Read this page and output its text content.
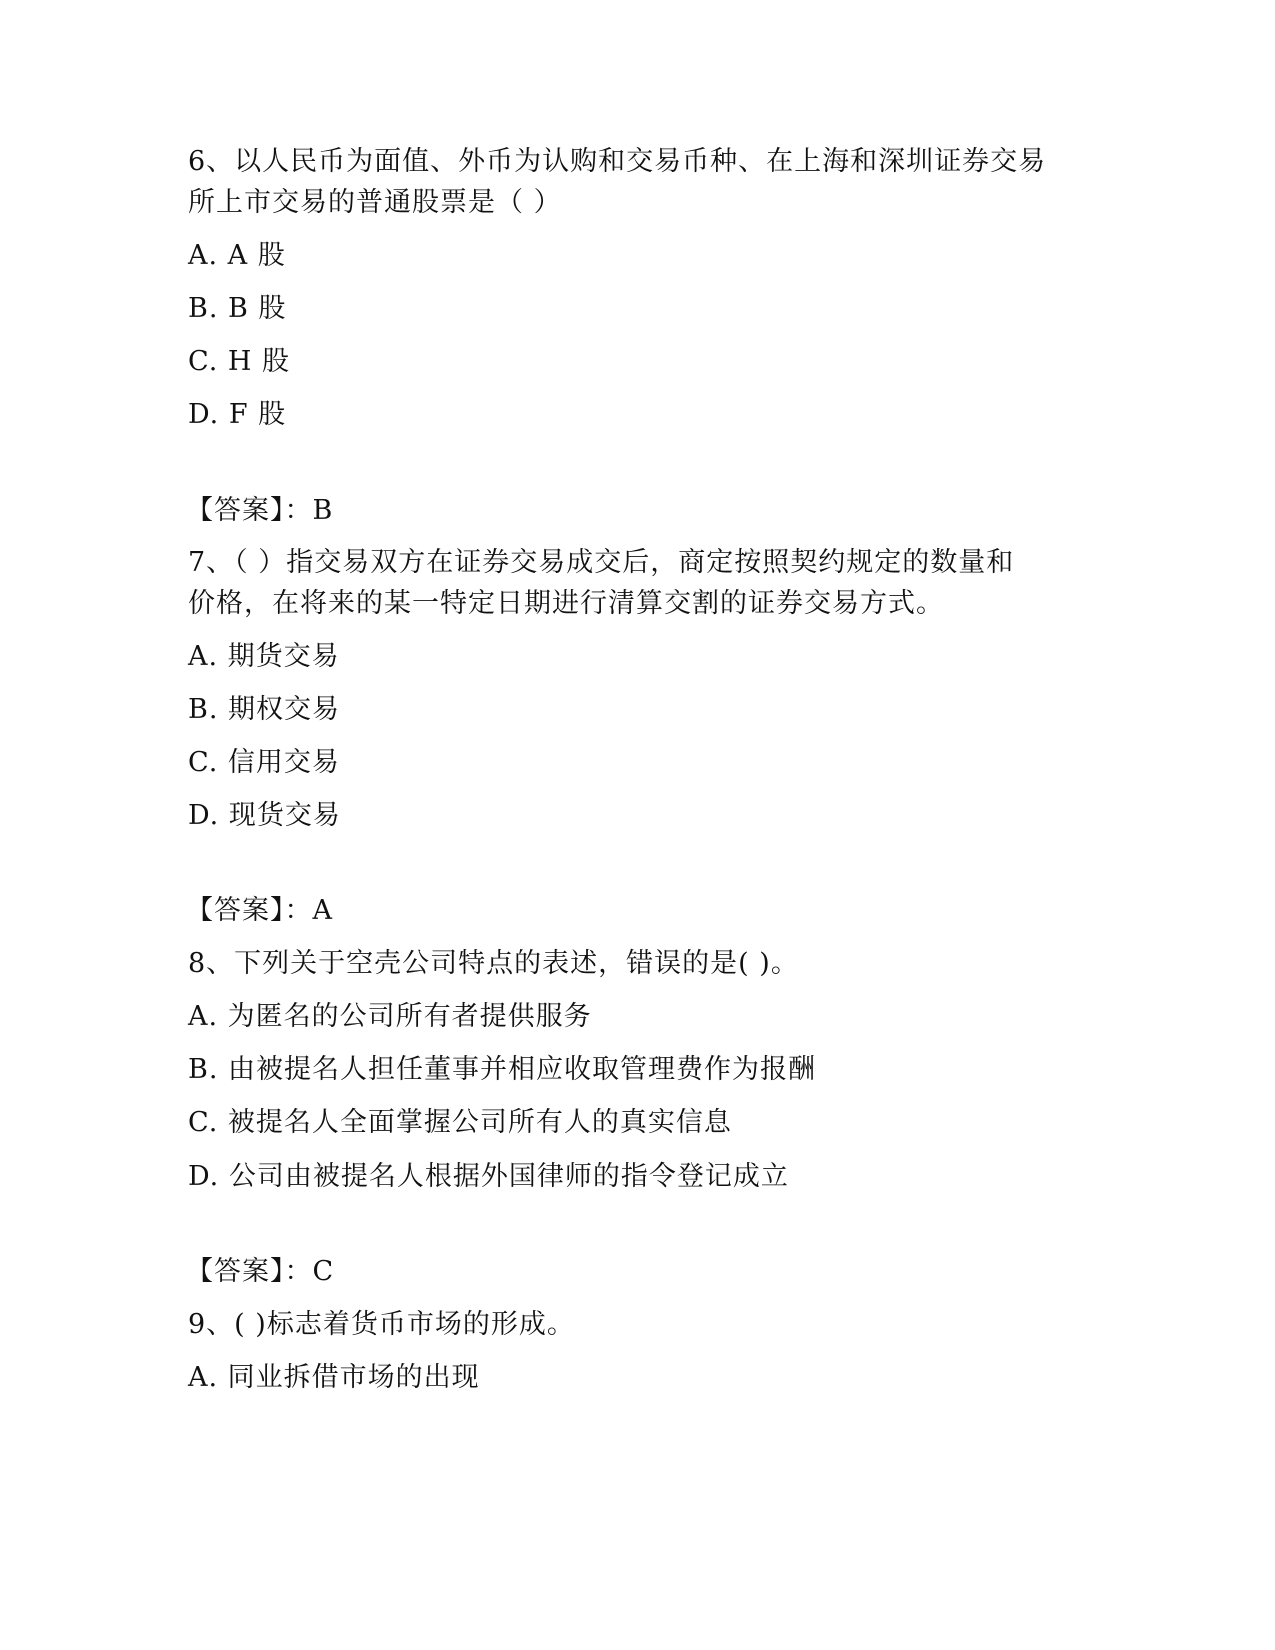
6、以人民币为面值、外币为认购和交易币种、在上海和深圳证券交易
所上市交易的普通股票是（ ）
A. A 股
B. B 股
C. H 股
D. F 股
【答案】：B
7、（ ）指交易双方在证券交易成交后，商定按照契约规定的数量和
价格，在将来的某一特定日期进行清算交割的证券交易方式。
A. 期货交易
B. 期权交易
C. 信用交易
D. 现货交易
【答案】：A
8、下列关于空壳公司特点的表述，错误的是( )。
A. 为匿名的公司所有者提供服务
B. 由被提名人担任董事并相应收取管理费作为报酬
C. 被提名人全面掌握公司所有人的真实信息
D. 公司由被提名人根据外国律师的指令登记成立
【答案】：C
9、( )标志着货币市场的形成。
A. 同业拆借市场的出现
